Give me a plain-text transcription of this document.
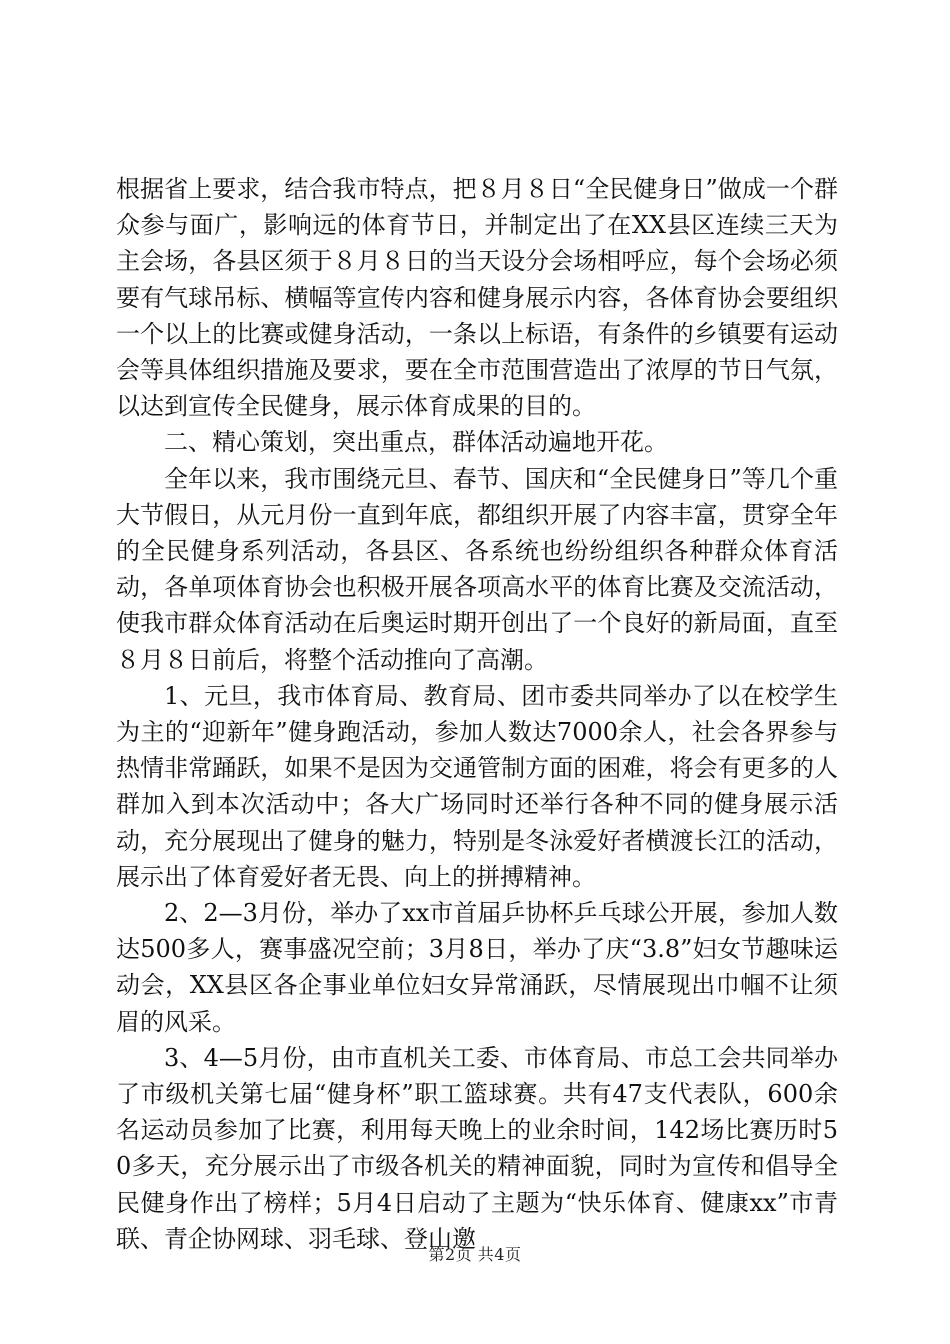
根据省上要求，结合我市特点，把８月８日“全民健身日”做成一个群众参与面广，影响远的体育节日，并制定出了在XX县区连续三天为主会场，各县区须于８月８日的当天设分会场相呼应，每个会场必须要有气球吊标、横幅等宣传内容和健身展示内容，各体育协会要组织一个以上的比赛或健身活动，一条以上标语，有条件的乡镇要有运动会等具体组织措施及要求，要在全市范围营造出了浓厚的节日气氛，以达到宣传全民健身，展示体育成果的目的。

二、精心策划，突出重点，群体活动遍地开花。

全年以来，我市围绕元旦、春节、国庆和“全民健身日”等几个重大节假日，从元月份一直到年底，都组织开展了内容丰富，贯穿全年的全民健身系列活动，各县区、各系统也纷纷组织各种群众体育活动，各单项体育协会也积极开展各项高水平的体育比赛及交流活动，使我市群众体育活动在后奥运时期开创出了一个良好的新局面，直至８月８日前后，将整个活动推向了高潮。

1、元旦，我市体育局、教育局、团市委共同举办了以在校学生为主的“迎新年”健身跑活动，参加人数达7000余人，社会各界参与热情非常踊跃，如果不是因为交通管制方面的困难，将会有更多的人群加入到本次活动中；各大广场同时还举行各种不同的健身展示活动，充分展现出了健身的魅力，特别是冬泳爱好者横渡长江的活动，展示出了体育爱好者无畏、向上的拼搏精神。

2、2—3月份，举办了xx市首届乒协杯乒乓球公开展，参加人数达500多人，赛事盛况空前；3月8日，举办了庆“3.8”妇女节趣味运动会，XX县区各企事业单位妇女异常涌跃，尽情展现出巾帼不让须眉的风采。

3、4—5月份，由市直机关工委、市体育局、市总工会共同举办了市级机关第七届“健身杯”职工篮球赛。共有47支代表队，600余名运动员参加了比赛，利用每天晚上的业余时间，142场比赛历时50多天，充分展示出了市级各机关的精神面貌，同时为宣传和倡导全民健身作出了榜样；5月4日启动了主题为“快乐体育、健康xx”市青联、青企协网球、羽毛球、登山邀

第2页 共4页
